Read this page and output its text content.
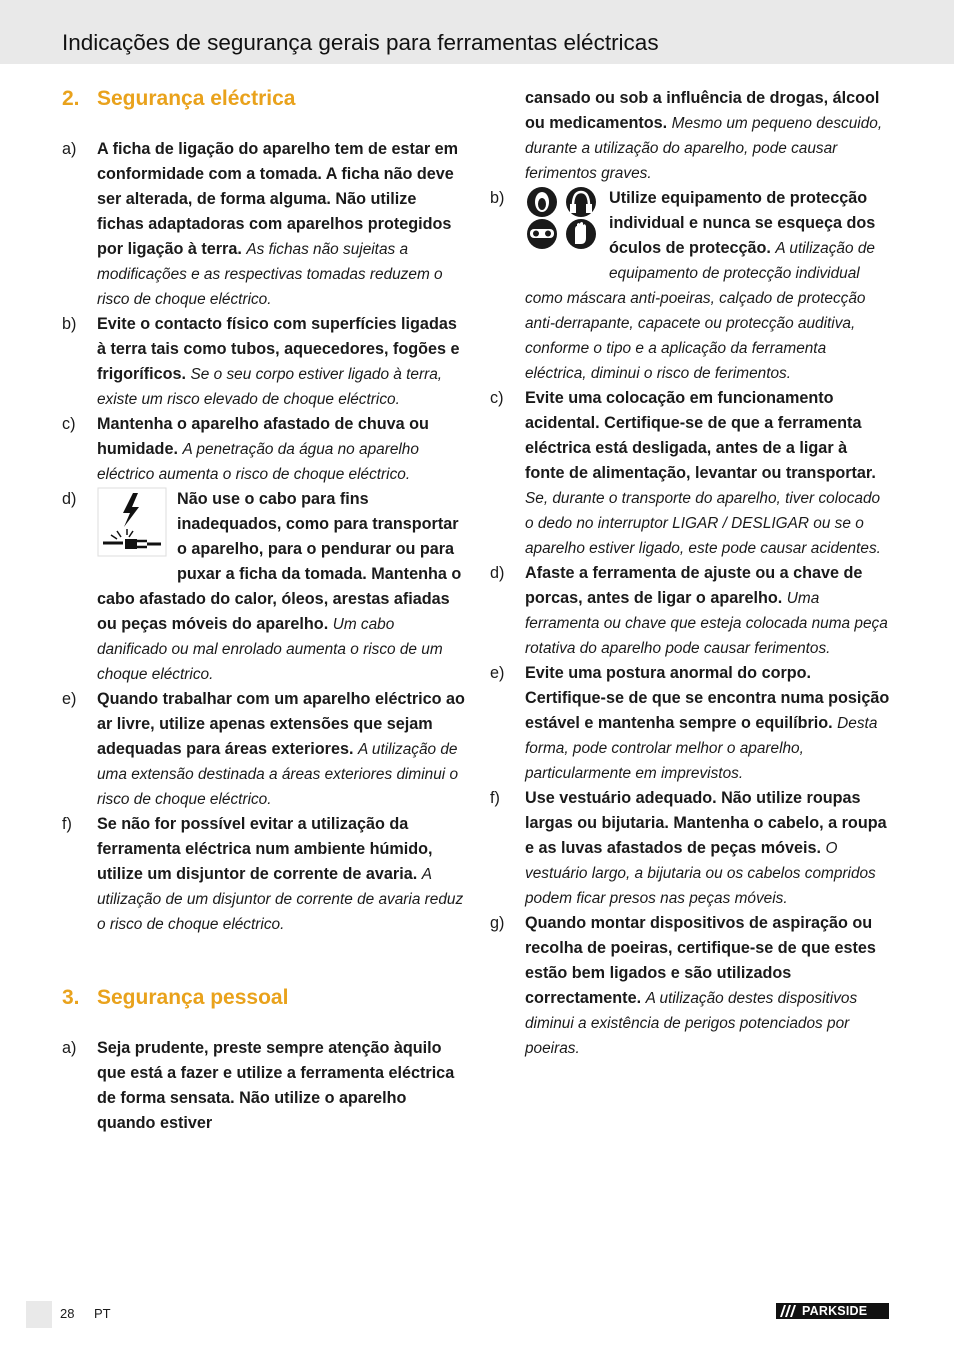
Indicações de segurança gerais para ferramentas eléctricas
2. Segurança eléctrica
a) A ficha de ligação do aparelho tem de estar em conformidade com a tomada. A ficha não deve ser alterada, de forma alguma. Não utilize fichas adaptadoras com aparelhos protegidos por ligação à terra. As fichas não sujeitas a modificações e as respectivas tomadas reduzem o risco de choque eléctrico.

b) Evite o contacto físico com superfícies ligadas à terra tais como tubos, aquecedores, fogões e frigoríficos. Se o seu corpo estiver ligado à terra, existe um risco elevado de choque eléctrico.

c) Mantenha o aparelho afastado de chuva ou humidade. A penetração da água no aparelho eléctrico aumenta o risco de choque eléctrico.

d)	Não use o cabo para fins inadequados, como para transportar o aparelho, para o pendurar ou para puxar a ficha da tomada. Mantenha o cabo afastado do calor, óleos, arestas afiadas ou peças móveis do aparelho. Um cabo danificado ou mal enrolado aumenta o risco de um choque eléctrico.

e) Quando trabalhar com um aparelho eléctrico ao ar livre, utilize apenas extensões que sejam adequadas para áreas exteriores. A utilização de uma extensão destinada a áreas exteriores diminui o risco de choque eléctrico.

f) Se não for possível evitar a utilização da ferramenta eléctrica num ambiente húmido, utilize um disjuntor de corrente de avaria. A utilização de um disjuntor de corrente de avaria reduz o risco de choque eléctrico.

3. Segurança pessoal
a) Seja prudente, preste sempre atenção àquilo que está a fazer e utilize a ferramenta eléctrica de forma sensata. Não utilize o aparelho quando estiver

cansado ou sob a influência de drogas, álcool ou medicamentos. Mesmo um pequeno descuido, durante a utilização do aparelho, pode causar ferimentos graves.

b)	Utilize equipamento de protecção individual e nunca se esqueça dos óculos de protecção. A utilização de equipamento de protecção individual como máscara anti-poeiras, calçado de protecção anti-derrapante, capacete ou protecção auditiva, conforme o tipo e a aplicação da ferramenta eléctrica, diminui o risco de ferimentos.

c) Evite uma colocação em funcionamento acidental. Certifique-se de que a ferramenta eléctrica está desligada, antes de a ligar à fonte de alimentação, levantar ou transportar. Se, durante o transporte do aparelho, tiver colocado o dedo no interruptor LIGAR / DESLIGAR ou se o aparelho estiver ligado, este pode causar acidentes.

d) Afaste a ferramenta de ajuste ou a chave de porcas, antes de ligar o aparelho. Uma ferramenta ou chave que esteja colocada numa peça rotativa do aparelho pode causar ferimentos.

e) Evite uma postura anormal do corpo. Certifique-se de que se encontra numa posição estável e mantenha sempre o equilíbrio. Desta forma, pode controlar melhor o aparelho, particularmente em imprevistos.

f) Use vestuário adequado. Não utilize roupas largas ou bijutaria. Mantenha o cabelo, a roupa e as luvas afastados de peças móveis. O vestuário largo, a bijutaria ou os cabelos compridos podem ficar presos nas peças móveis.

g) Quando montar dispositivos de aspiração ou recolha de poeiras, certifique-se de que estes estão bem ligados e são utilizados correctamente. A utilização destes dispositivos diminui a existência de perigos potenciados por poeiras.

28 PT	PARKSIDE
